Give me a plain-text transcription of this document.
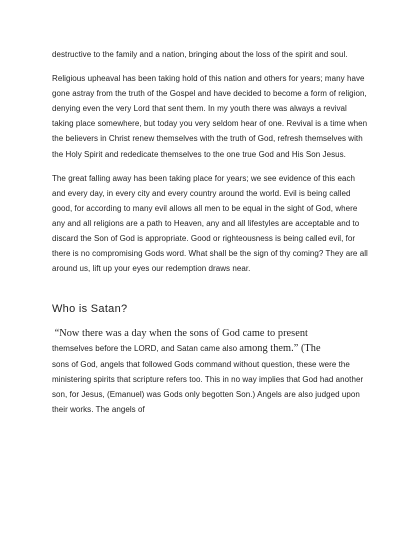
destructive to the family and a nation, bringing about the loss of the spirit and soul.

Religious upheaval has been taking hold of this nation and others for years; many have gone astray from the truth of the Gospel and have decided to become a form of religion, denying even the very Lord that sent them. In my youth there was always a revival taking place somewhere, but today you very seldom hear of one. Revival is a time when the believers in Christ renew themselves with the truth of God, refresh themselves with the Holy Spirit and rededicate themselves to the one true God and His Son Jesus.

The great falling away has been taking place for years; we see evidence of this each and every day, in every city and every country around the world. Evil is being called good, for according to many evil allows all men to be equal in the sight of God, where any and all religions are a path to Heaven, any and all lifestyles are acceptable and to discard the Son of God is appropriate. Good or righteousness is being called evil, for there is no compromising Gods word. What shall be the sign of thy coming? They are all around us, lift up your eyes our redemption draws near.

Who is Satan?

“Now there was a day when the sons of God came to present
themselves before the LORD, and Satan came also among them.” (The
sons of God, angels that followed Gods command without question, these were the ministering spirits that scripture refers too. This in no way implies that God had another son, for Jesus, (Emanuel) was Gods only begotten Son.) Angels are also judged upon their works. The angels of
